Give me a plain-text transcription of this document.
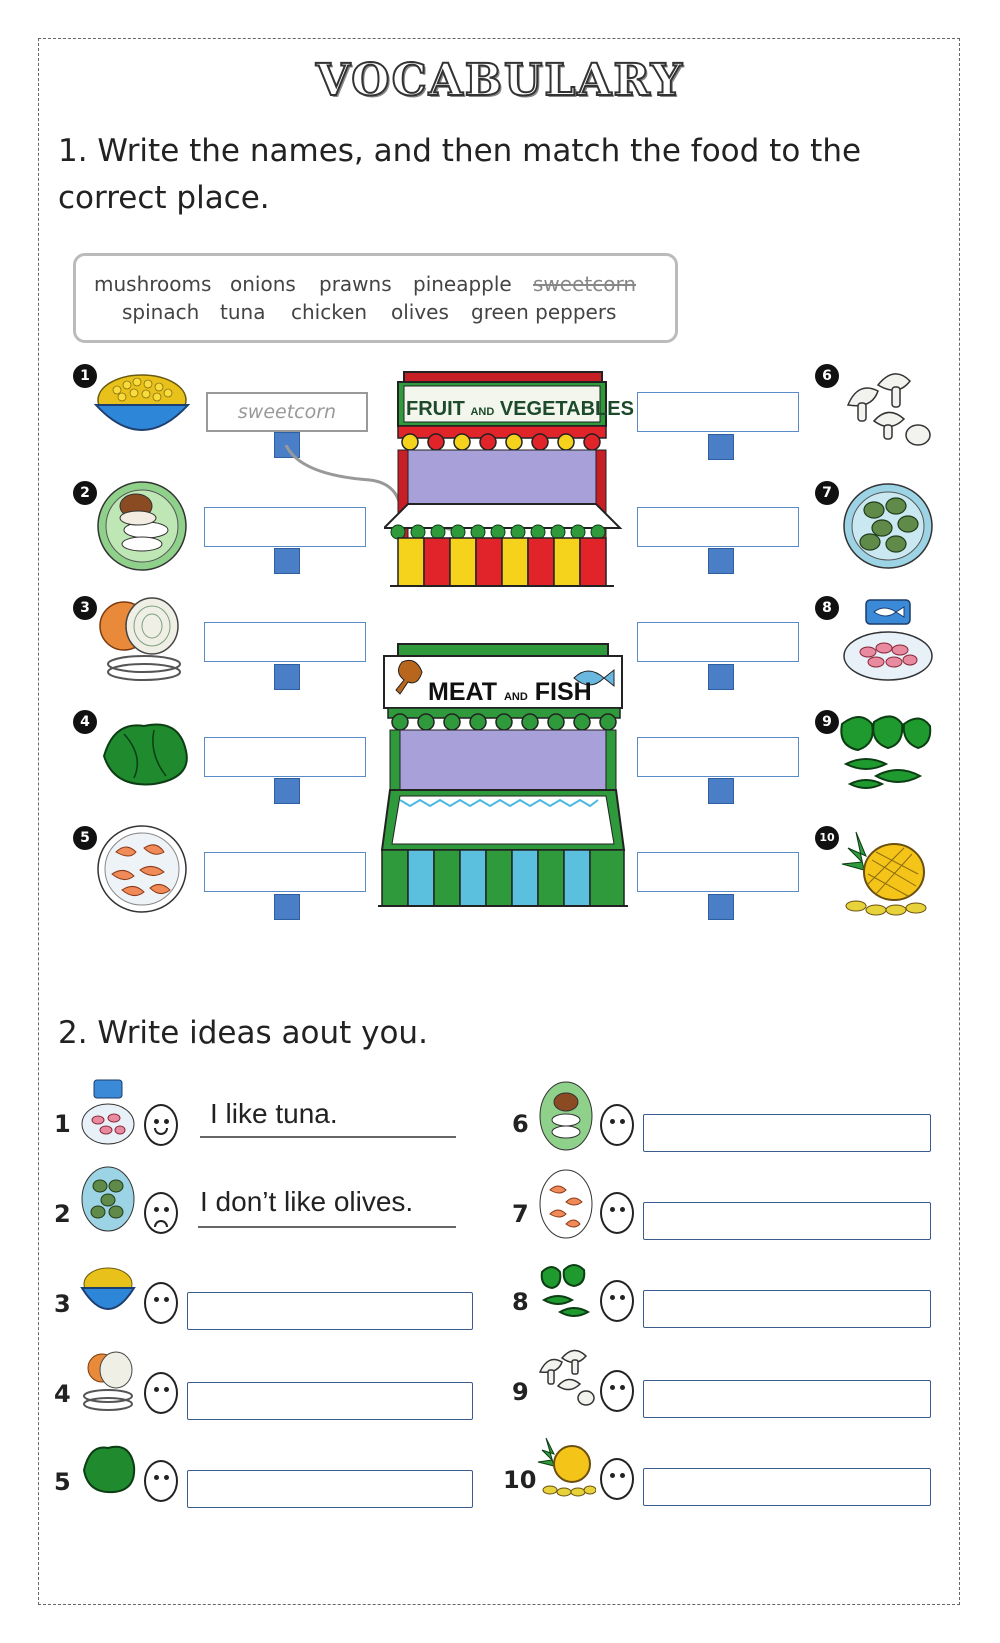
VOCABULARY
1. Write the names, and then match the food to the correct place.
mushrooms onions prawns pineapple sweetcorn
spinach tuna chicken olives green peppers
1
sweetcorn
2
3
4
5
6
7
8
9
10
FRUIT AND VEGETABLES
MEAT AND FISH
2. Write ideas aout you.
1	I like tuna.
2	I don’t like olives.
3
4
5
6
7
8
9
10
